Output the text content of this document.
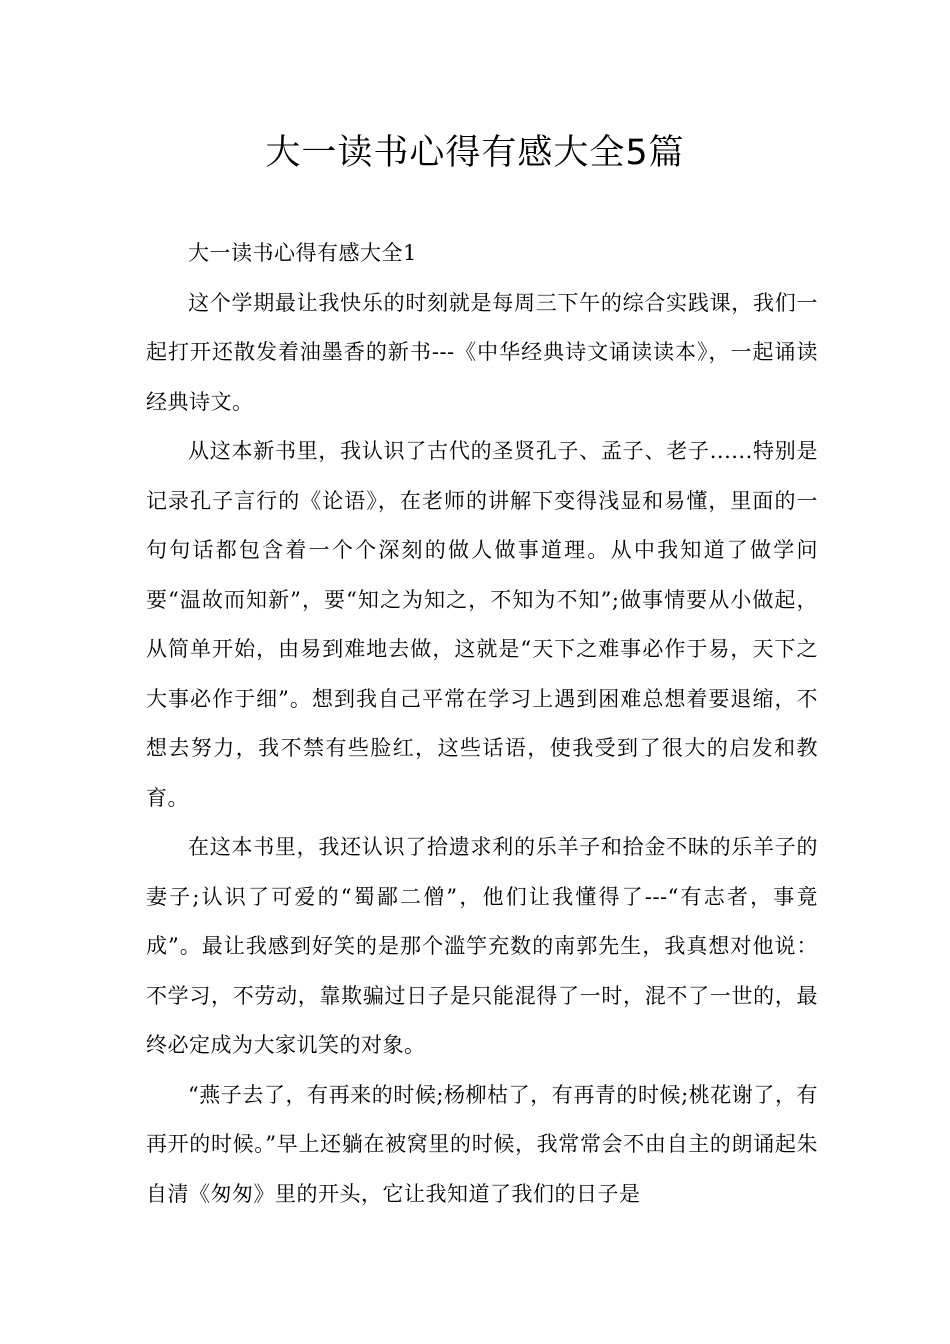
大一读书心得有感大全5篇

大一读书心得有感大全1

这个学期最让我快乐的时刻就是每周三下午的综合实践课，我们一起打开还散发着油墨香的新书---《中华经典诗文诵读读本》，一起诵读经典诗文。

从这本新书里，我认识了古代的圣贤孔子、孟子、老子......特别是记录孔子言行的《论语》，在老师的讲解下变得浅显和易懂，里面的一句句话都包含着一个个深刻的做人做事道理。从中我知道了做学问要“温故而知新”，要“知之为知之，不知为不知”;做事情要从小做起，从简单开始，由易到难地去做，这就是“天下之难事必作于易，天下之大事必作于细”。想到我自己平常在学习上遇到困难总想着要退缩，不想去努力，我不禁有些脸红，这些话语，使我受到了很大的启发和教育。

在这本书里，我还认识了拾遗求利的乐羊子和拾金不昧的乐羊子的妻子;认识了可爱的“蜀鄙二僧”，他们让我懂得了---“有志者，事竟成”。最让我感到好笑的是那个滥竽充数的南郭先生，我真想对他说：不学习，不劳动，靠欺骗过日子是只能混得了一时，混不了一世的，最终必定成为大家讥笑的对象。

“燕子去了，有再来的时候;杨柳枯了，有再青的时候;桃花谢了，有再开的时候。”早上还躺在被窝里的时候，我常常会不由自主的朗诵起朱自清《匆匆》里的开头，它让我知道了我们的日子是
